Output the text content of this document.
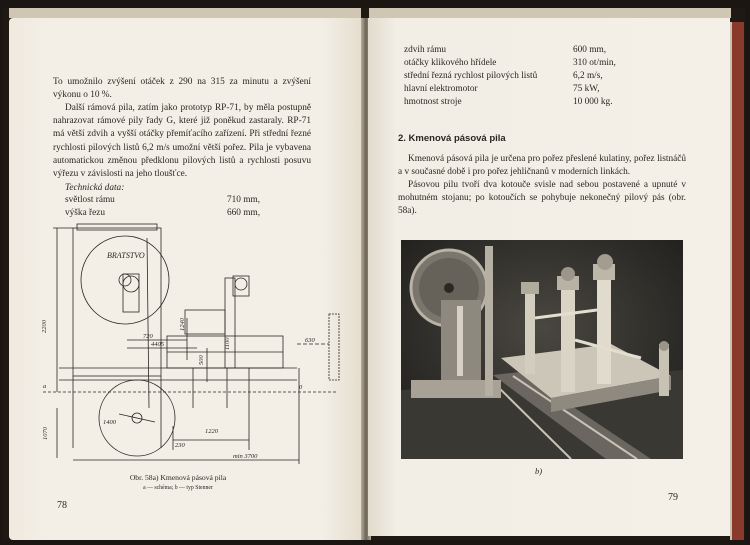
To umožnilo zvýšení otáček z 290 na 315 za minutu a zvýšení výkonu o 10 %.
Další rámová pila, zatím jako prototyp RP-71, by měla postupně nahrazovat rámové pily řady G, které již poněkud zastaraly. RP-71 má větší zdvih a vyšší otáčky přemíťacího zařízení. Při střední řezné rychlosti pilových listů 6,2 m/s umožní větší pořez. Pila je vybavena automatickou změnou předklonu pilových listů a rychlosti posuvu výřezu v závislosti na jeho tloušťce.
Technická data:
světlost rámu	710 mm,
výška řezu	660 mm,
BRATSTVO
2200
720
1240
4405	1100
500
630
0
1070
1400
230
1220
min 3700
a
Obr. 58a) Kmenová pásová pila
a — schéma; b — typ Stenner
78
zdvih rámu	600 mm,
otáčky klikového hřídele	310 ot/min,
střední řezná rychlost pilových listů	6,2 m/s,
hlavní elektromotor	75 kW,
hmotnost stroje	10 000 kg.
2. Kmenová pásová pila
Kmenová pásová pila je určena pro pořez přeslené kulatiny, pořez listnáčů a v současné době i pro pořez jehličnanů v moderních linkách.
Pásovou pilu tvoří dva kotouče svisle nad sebou postavené a upnuté v mohutném stojanu; po kotoučích se pohybuje nekonečný pilový pás (obr. 58a).
b)
79
